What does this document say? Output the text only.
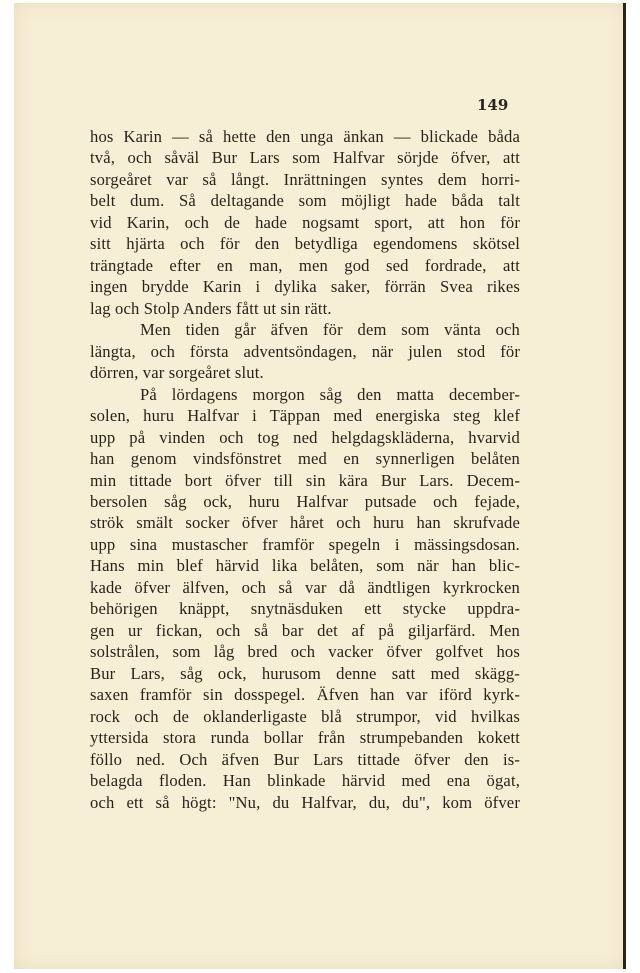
149
hos Karin — så hette den unga änkan — blickade båda
två, och såväl Bur Lars som Halfvar sörjde öfver, att
sorgeåret var så långt. Inrättningen syntes dem horri-
belt dum. Så deltagande som möjligt hade båda talt
vid Karin, och de hade nogsamt sport, att hon för
sitt hjärta och för den betydliga egendomens skötsel
trängtade efter en man, men god sed fordrade, att
ingen brydde Karin i dylika saker, förrän Svea rikes
lag och Stolp Anders fått ut sin rätt.
Men tiden går äfven för dem som vänta och
längta, och första adventsöndagen, när julen stod för
dörren, var sorgeåret slut.
På lördagens morgon såg den matta december-
solen, huru Halfvar i Täppan med energiska steg klef
upp på vinden och tog ned helgdagskläderna, hvarvid
han genom vindsfönstret med en synnerligen belåten
min tittade bort öfver till sin kära Bur Lars. Decem-
bersolen såg ock, huru Halfvar putsade och fejade,
strök smält socker öfver håret och huru han skrufvade
upp sina mustascher framför spegeln i mässingsdosan.
Hans min blef härvid lika belåten, som när han blic-
kade öfver älfven, och så var då ändtligen kyrkrocken
behörigen knäppt, snytnäsduken ett stycke uppdra-
gen ur fickan, och så bar det af på giljarfärd. Men
solstrålen, som låg bred och vacker öfver golfvet hos
Bur Lars, såg ock, hurusom denne satt med skägg-
saxen framför sin dosspegel. Äfven han var iförd kyrk-
rock och de oklanderligaste blå strumpor, vid hvilkas
yttersida stora runda bollar från strumpebanden kokett
föllo ned. Och äfven Bur Lars tittade öfver den is-
belagda floden. Han blinkade härvid med ena ögat,
och ett så högt: "Nu, du Halfvar, du, du", kom öfver
